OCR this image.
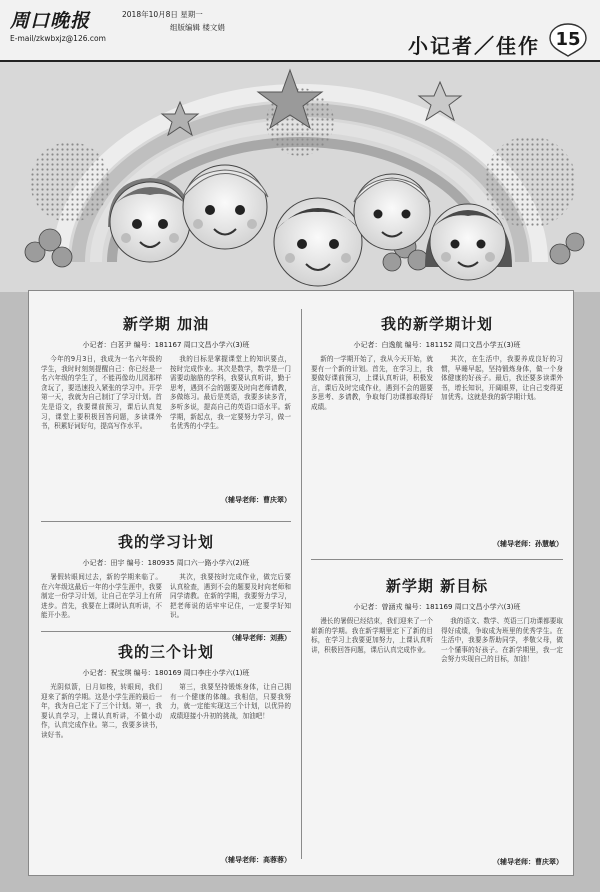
周口晚报	2018年10月8日 星期一
组版编辑 楼文娟
E-mail/zkwbxjz@126.com	小记者／佳作 15
新学期 加油
小记者：白茗尹 编号：181167 周口文昌小学六(3)班
今年的9月3日，我成为一名六年级的学生，我时时刻刻提醒自己：你已经是一名六年级的学生了，不能再像幼儿园那样贪玩了，要迅速投入紧张的学习中。开学第一天，我就为自己制订了学习计划。首先是语文，我要课前预习，课后认真复习，课堂上要积极回答问题，多读课外书，积累好词好句，提高写作水平。
我的目标是掌握课堂上的知识要点，按时完成作业。其次是数学，数学是一门需要动脑筋的学科，我要认真听讲，勤于思考，遇到不会的题要及时向老师请教，多做练习。最后是英语，我要多读多背，多听多说，提高自己的英语口语水平。新学期，新起点，我一定要努力学习，做一名优秀的小学生。
（辅导老师：曹庆翠）
我的新学期计划
小记者：白逸航 编号：181152 周口文昌小学五(3)班
新的一学期开始了，我从今天开始，就要有一个新的计划。首先，在学习上，我要做好课前预习，上课认真听讲，积极发言，课后及时完成作业，遇到不会的题要多思考、多请教，争取每门功课都取得好成绩。
其次，在生活中，我要养成良好的习惯，早睡早起，坚持锻炼身体，做一个身体健康的好孩子。最后，我还要多读课外书，增长知识，开阔眼界，让自己变得更加优秀。这就是我的新学期计划。
（辅导老师：孙慧敏）
我的学习计划
小记者：田宇 编号：180935 周口六一路小学六(2)班
暑假转眼间过去，新的学期来临了。在六年级这最后一年的小学生涯中，我要制定一份学习计划，让自己在学习上有所进步。首先，我要在上课时认真听讲，不能开小差。
其次，我要按时完成作业，做完后要认真检查，遇到不会的题要及时向老师和同学请教。在新的学期，我要努力学习，把老师说的话牢牢记住，一定要学好知识。
（辅导老师：刘燕）
新学期 新目标
小记者：曾涵戎 编号：181169 周口文昌小学六(3)班
漫长的暑假已经结束，我们迎来了一个崭新的学期。我在新学期里定下了新的目标，在学习上我要更加努力，上课认真听讲，积极回答问题，课后认真完成作业。
我的语文、数学、英语三门功课都要取得好成绩，争取成为班里的优秀学生。在生活中，我要多帮助同学，孝敬父母，做一个懂事的好孩子。在新学期里，我一定会努力实现自己的目标，加油！
（辅导老师：曹庆翠）
我的三个计划
小记者：祝宝琪 编号：180169 周口李庄小学六(1)班
光阴似箭，日月如梭，转眼间，我们迎来了新的学期。这是小学生涯的最后一年，我为自己定下了三个计划。第一，我要认真学习，上课认真听讲，不做小动作，认真完成作业。第二，我要多读书，读好书。
第三，我要坚持锻炼身体，让自己拥有一个健康的体魄。我相信，只要我努力，就一定能实现这三个计划，以优异的成绩迎接小升初的挑战，加油吧！
（辅导老师：高蓉蓉）
